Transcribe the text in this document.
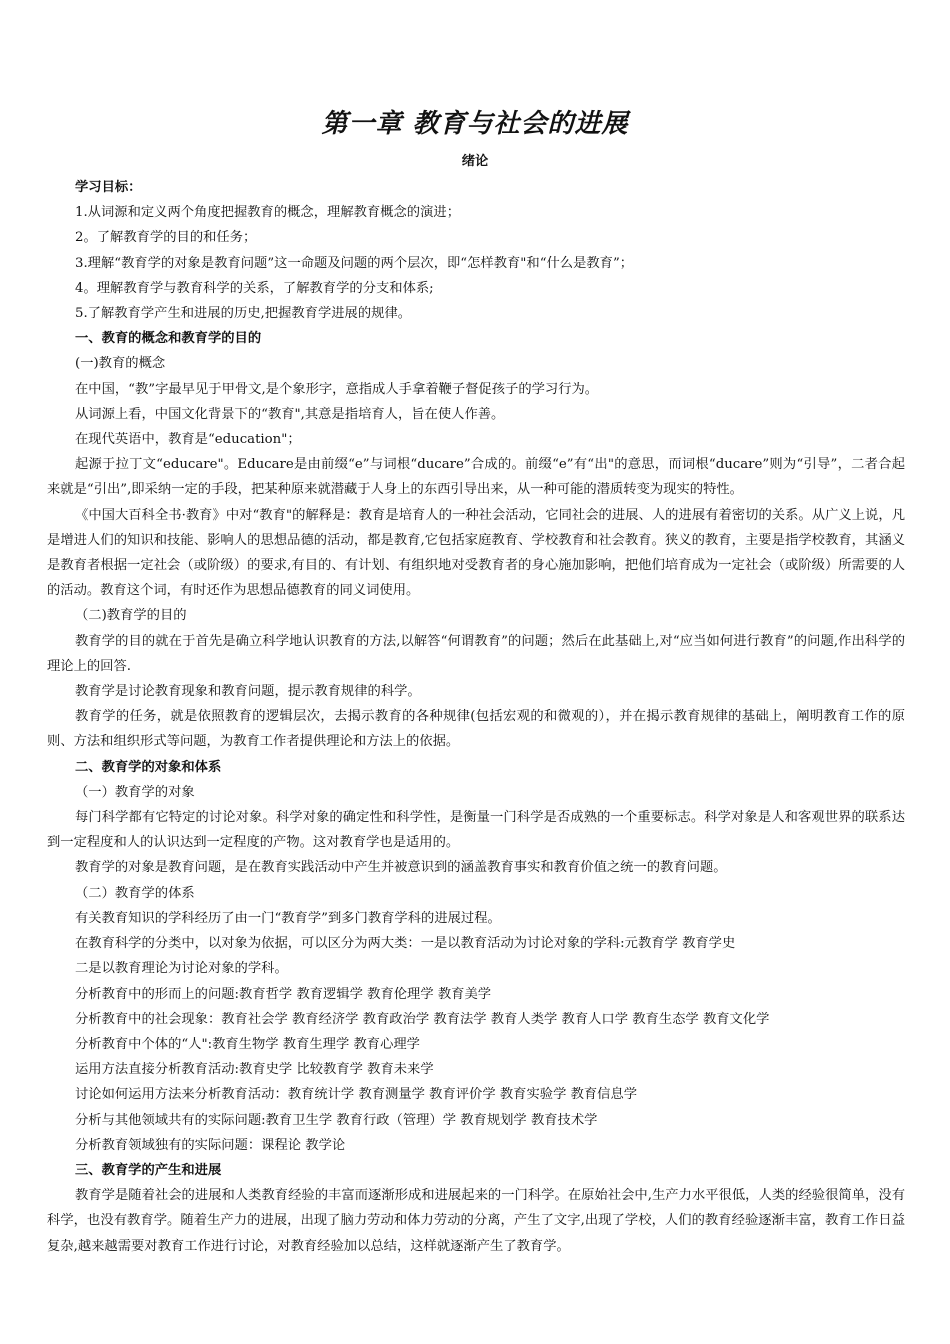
第一章 教育与社会的进展
绪论

学习目标：

1.从词源和定义两个角度把握教育的概念，理解教育概念的演进；

2。了解教育学的目的和任务；

3.理解“教育学的对象是教育问题”这一命题及问题的两个层次，即“怎样教育"和“什么是教育”；

4。理解教育学与教育科学的关系，了解教育学的分支和体系;

5.了解教育学产生和进展的历史,把握教育学进展的规律。

一、教育的概念和教育学的目的

(一)教育的概念

在中国，“教”字最早见于甲骨文,是个象形字，意指成人手拿着鞭子督促孩子的学习行为。

从词源上看，中国文化背景下的“教育",其意是指培育人，旨在使人作善。

在现代英语中，教育是“education"；

起源于拉丁文“educare"。Educare是由前缀“e”与词根“ducare”合成的。前缀“e”有“出"的意思，而词根“ducare”则为“引导”，二者合起来就是“引出”,即采纳一定的手段，把某种原来就潜藏于人身上的东西引导出来，从一种可能的潜质转变为现实的特性。

《中国大百科全书·教育》中对“教育"的解释是：教育是培育人的一种社会活动，它同社会的进展、人的进展有着密切的关系。从广义上说，凡是增进人们的知识和技能、影响人的思想品德的活动，都是教育,它包括家庭教育、学校教育和社会教育。狭义的教育，主要是指学校教育，其涵义是教育者根据一定社会（或阶级）的要求,有目的、有计划、有组织地对受教育者的身心施加影响，把他们培育成为一定社会（或阶级）所需要的人的活动。教育这个词，有时还作为思想品德教育的同义词使用。

（二)教育学的目的

教育学的目的就在于首先是确立科学地认识教育的方法,以解答“何谓教育”的问题；然后在此基础上,对“应当如何进行教育”的问题,作出科学的理论上的回答.

教育学是讨论教育现象和教育问题，提示教育规律的科学。

教育学的任务，就是依照教育的逻辑层次，去揭示教育的各种规律(包括宏观的和微观的），并在揭示教育规律的基础上，阐明教育工作的原则、方法和组织形式等问题，为教育工作者提供理论和方法上的依据。

二、教育学的对象和体系

（一）教育学的对象

每门科学都有它特定的讨论对象。科学对象的确定性和科学性，是衡量一门科学是否成熟的一个重要标志。科学对象是人和客观世界的联系达到一定程度和人的认识达到一定程度的产物。这对教育学也是适用的。

教育学的对象是教育问题，是在教育实践活动中产生并被意识到的涵盖教育事实和教育价值之统一的教育问题。

（二）教育学的体系

有关教育知识的学科经历了由一门“教育学”到多门教育学科的进展过程。

在教育科学的分类中，以对象为依据，可以区分为两大类：一是以教育活动为讨论对象的学科:元教育学 教育学史

二是以教育理论为讨论对象的学科。

分析教育中的形而上的问题:教育哲学 教育逻辑学 教育伦理学 教育美学

分析教育中的社会现象：教育社会学 教育经济学 教育政治学 教育法学 教育人类学 教育人口学 教育生态学 教育文化学

分析教育中个体的“人":教育生物学 教育生理学 教育心理学

运用方法直接分析教育活动:教育史学 比较教育学 教育未来学

讨论如何运用方法来分析教育活动：教育统计学 教育测量学 教育评价学 教育实验学 教育信息学

分析与其他领域共有的实际问题:教育卫生学 教育行政（管理）学 教育规划学 教育技术学

分析教育领域独有的实际问题：课程论 教学论

三、教育学的产生和进展

教育学是随着社会的进展和人类教育经验的丰富而逐渐形成和进展起来的一门科学。在原始社会中,生产力水平很低，人类的经验很简单，没有科学，也没有教育学。随着生产力的进展，出现了脑力劳动和体力劳动的分离，产生了文字,出现了学校，人们的教育经验逐渐丰富，教育工作日益复杂,越来越需要对教育工作进行讨论，对教育经验加以总结，这样就逐渐产生了教育学。
